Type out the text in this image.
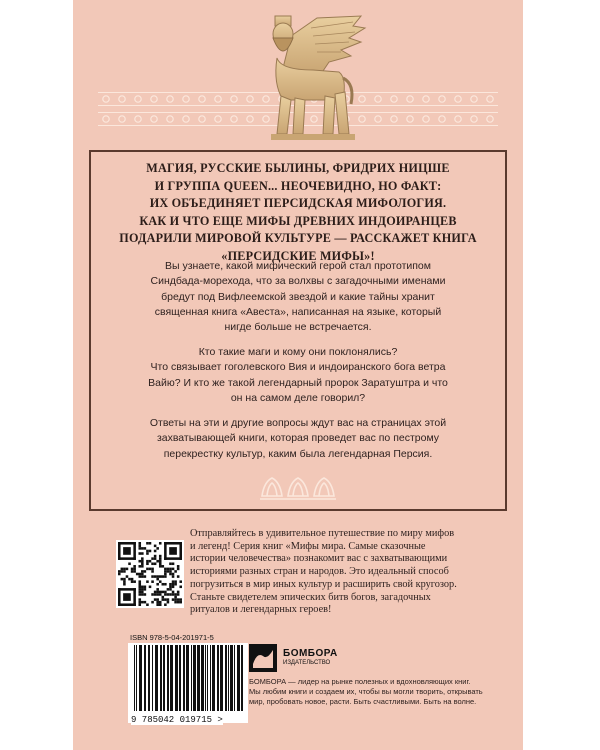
МАГИЯ, РУССКИЕ БЫЛИНЫ, ФРИДРИХ НИЦШЕ
И ГРУППА QUEEN... НЕОЧЕВИДНО, НО ФАКТ:
ИХ ОБЪЕДИНЯЕТ ПЕРСИДСКАЯ МИФОЛОГИЯ.
КАК И ЧТО ЕЩЕ МИФЫ ДРЕВНИХ ИНДОИРАНЦЕВ
ПОДАРИЛИ МИРОВОЙ КУЛЬТУРЕ — РАССКАЖЕТ КНИГА
«ПЕРСИДСКИЕ МИФЫ»!
Вы узнаете, какой мифический герой стал прототипом
Синдбада-морехода, что за волхвы с загадочными именами
бредут под Вифлеемской звездой и какие тайны хранит
священная книга «Авеста», написанная на языке, который
нигде больше не встречается.
Кто такие маги и кому они поклонялись?
Что связывает гоголевского Вия и индоиранского бога ветра
Вайю? И кто же такой легендарный пророк Заратуштра и что
он на самом деле говорил?
Ответы на эти и другие вопросы ждут вас на страницах этой
захватывающей книги, которая проведет вас по пестрому
перекрестку культур, каким была легендарная Персия.
Отправляйтесь в удивительное путешествие по миру мифов
и легенд! Серия книг «Мифы мира. Самые сказочные
истории человечества» познакомит вас с захватывающими
историями разных стран и народов. Это идеальный способ
погрузиться в мир иных культур и расширить свой кругозор.
Станьте свидетелем эпических битв богов, загадочных
ритуалов и легендарных героев!
ISBN 978-5-04-201971-5
9 785042 019715 >
БОМБОРА
ИЗДАТЕЛЬСТВО
БОМБОРА — лидер на рынке полезных и вдохновляющих книг.
Мы любим книги и создаем их, чтобы вы могли творить, открывать
мир, пробовать новое, расти. Быть счастливыми. Быть на волне.
